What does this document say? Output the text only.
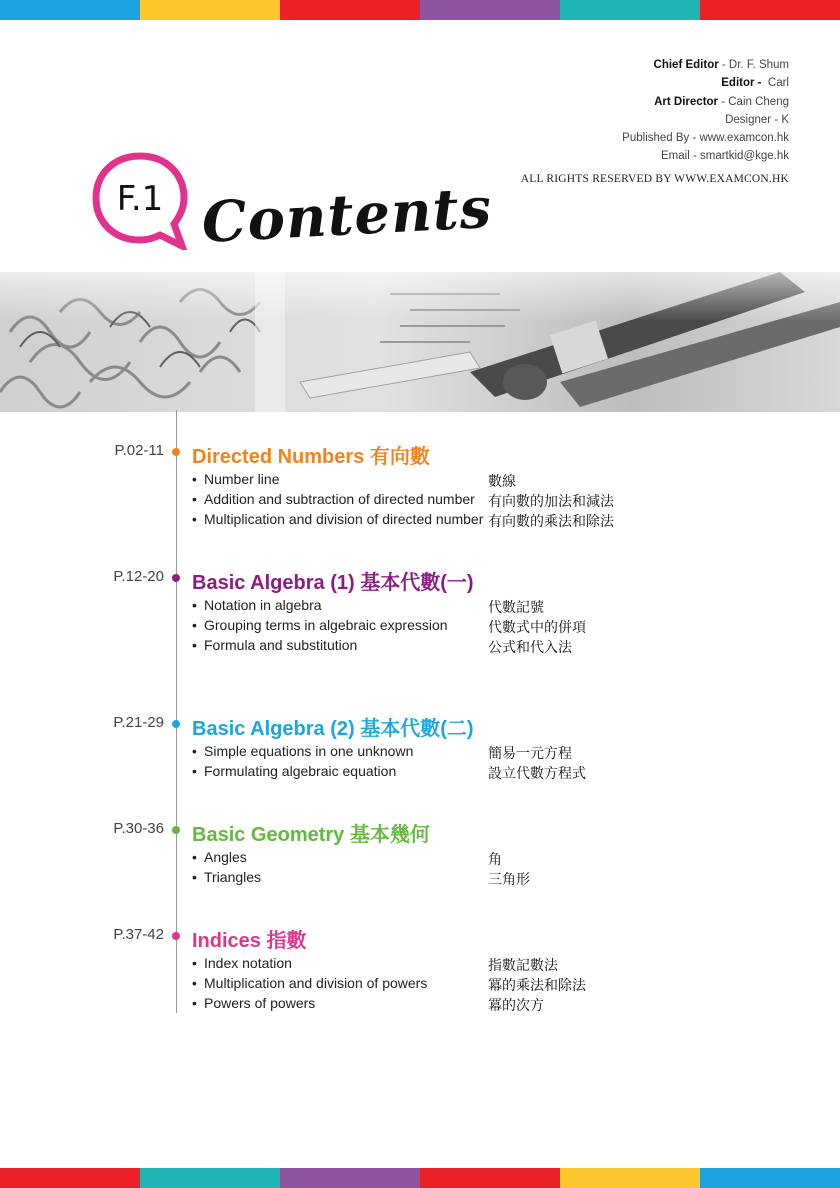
Chief Editor - Dr. F. Shum
Editor -  Carl
Art Director - Cain Cheng
Designer - K
Published By - www.examcon.hk
Email - smartkid@kge.hk
ALL RIGHTS RESERVED BY WWW.EXAMCON.HK
F.1 Contents
P.02-11 Directed Numbers 有向數
• Number line	數線
• Addition and subtraction of directed number 有向數的加法和減法
• Multiplication and division of directed number 有向數的乘法和除法
P.12-20 Basic Algebra (1) 基本代數(一)
• Notation in algebra	代數記號
• Grouping terms in algebraic expression	代數式中的併項
• Formula and substitution	公式和代入法
P.21-29 Basic Algebra (2) 基本代數(二)
• Simple equations in one unknown	簡易一元方程
• Formulating algebraic equation	設立代數方程式
P.30-36 Basic Geometry 基本幾何
• Angles	角
• Triangles	三角形
P.37-42 Indices 指數
• Index notation	指數記數法
• Multiplication and division of powers	冪的乘法和除法
• Powers of powers	冪的次方
